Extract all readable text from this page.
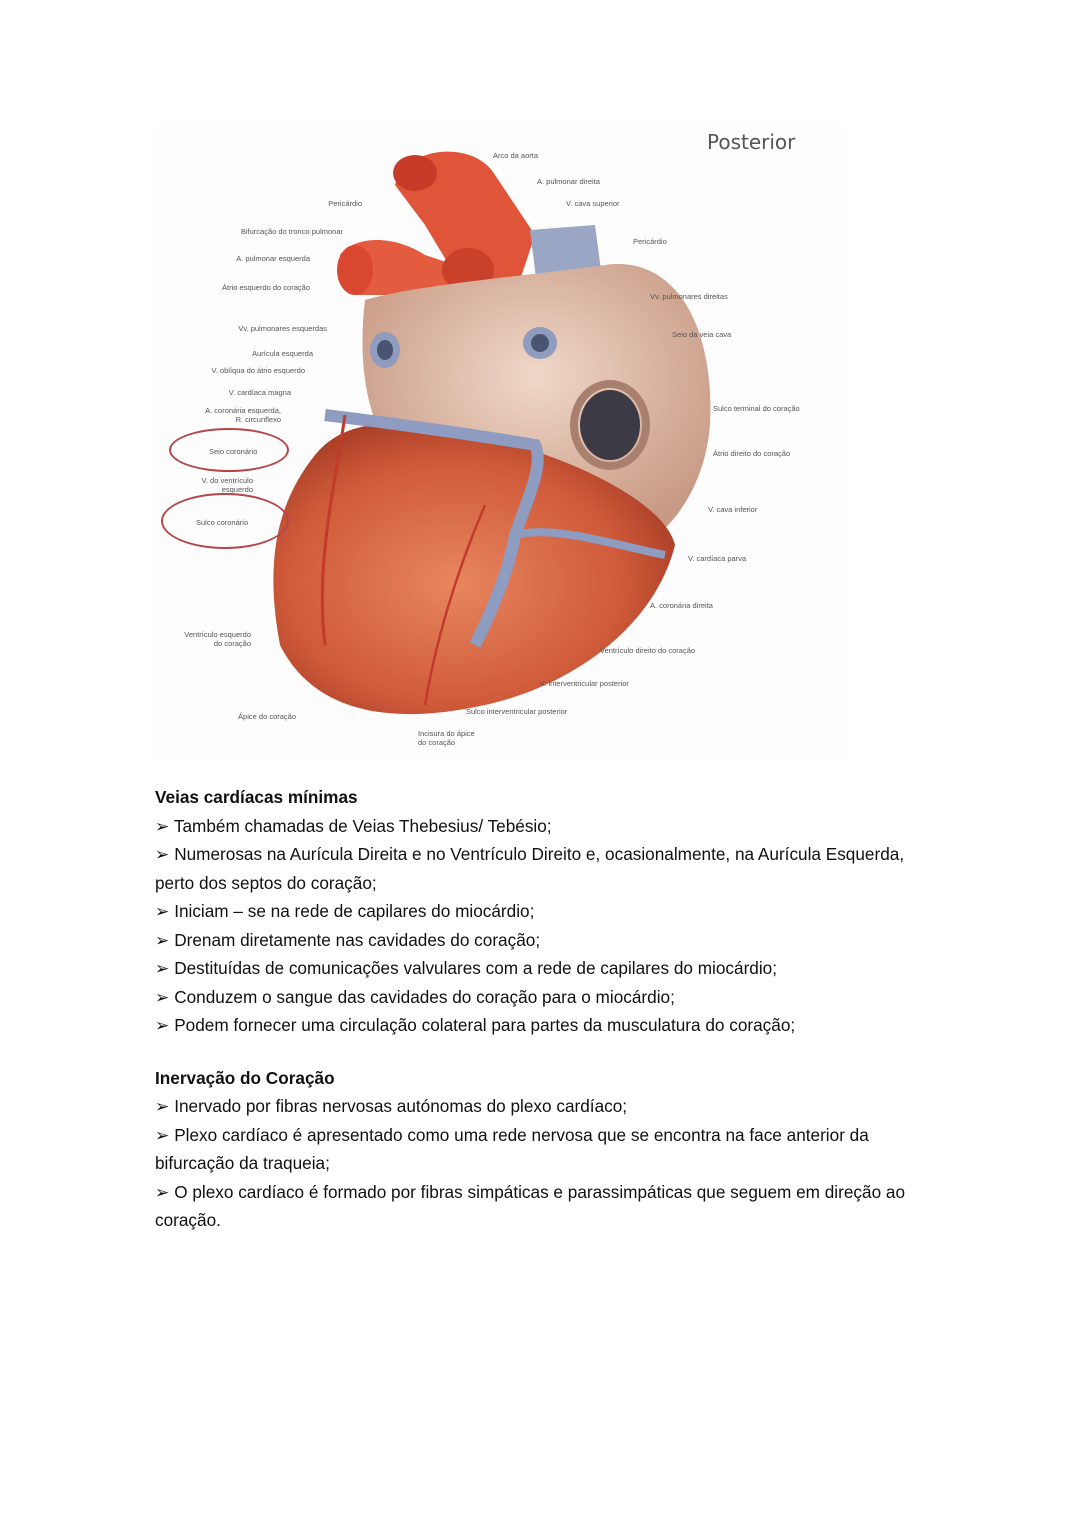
Posterior
Arco da aorta
A. pulmonar direita
Pericárdio	V. cava superior
Bifurcação do tronco pulmonar
Pericárdio
A. pulmonar esquerda
Átrio esquerdo do coração
Vv. pulmonares direitas
Seio da veia cava
Vv. pulmonares esquerdas
Aurícula esquerda
V. oblíqua do átrio esquerdo
V. cardíaca magna
A. coronária esquerda,
R. circunflexo
Sulco terminal do coração
Seio coronário	Átrio direito do coração
V. do ventrículo
esquerdo
V. cava inferior
Sulco coronário
V. cardíaca parva
A. coronária direita
Ventrículo esquerdo
do coração
Ventrículo direito do coração
V. interventricular posterior
Ápice do coração
Sulco interventricular posterior
Incisura do ápice
do coração
Veias cardíacas mínimas

➢ Também chamadas de Veias Thebesius/ Tebésio;

➢ Numerosas na Aurícula Direita e no Ventrículo Direito e, ocasionalmente, na Aurícula Esquerda, perto dos septos do coração;

➢ Iniciam – se na rede de capilares do miocárdio;

➢ Drenam diretamente nas cavidades do coração;

➢ Destituídas de comunicações valvulares com a rede de capilares do miocárdio;

➢ Conduzem o sangue das cavidades do coração para o miocárdio;

➢ Podem fornecer uma circulação colateral para partes da musculatura do coração;

Inervação do Coração

➢ Inervado por fibras nervosas autónomas do plexo cardíaco;

➢ Plexo cardíaco é apresentado como uma rede nervosa que se encontra na face anterior da bifurcação da traqueia;

➢ O plexo cardíaco é formado por fibras simpáticas e parassimpáticas que seguem em direção ao coração.
